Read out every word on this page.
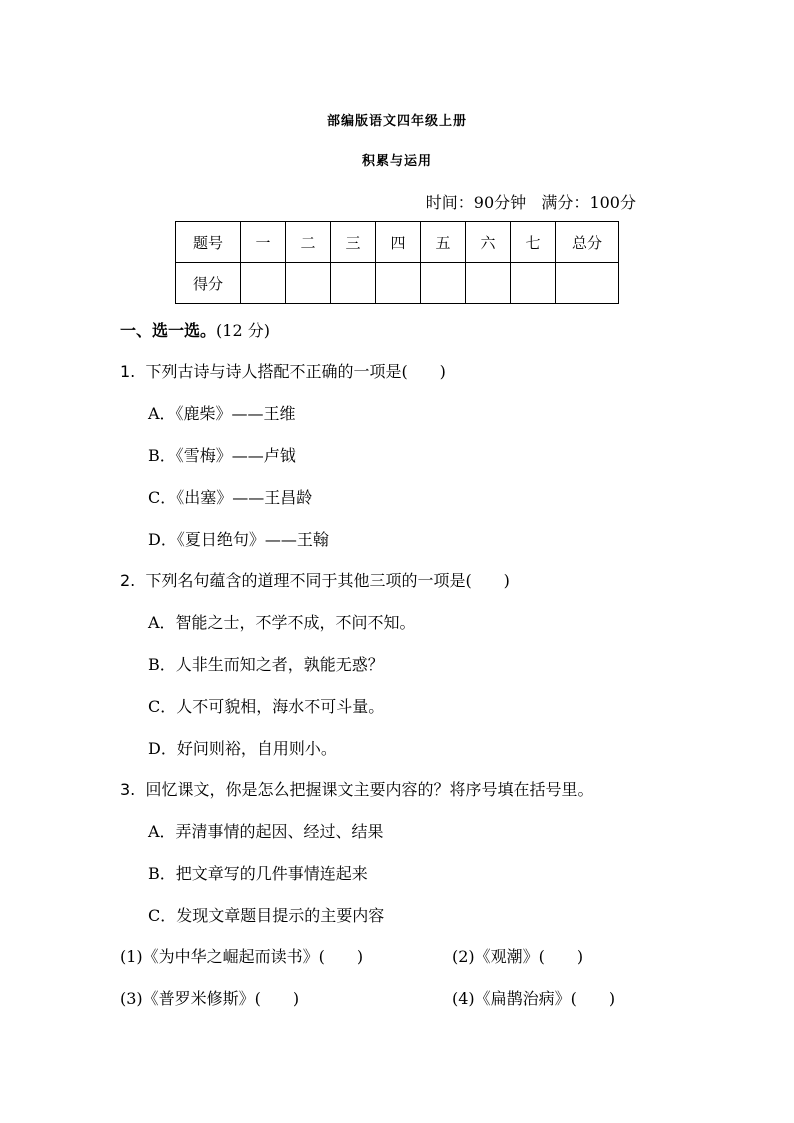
部编版语文四年级上册
积累与运用
时间：90分钟 满分：100分
题号	一	二	三	四	五	六	七	总分
得分								
一、选一选。(12 分)
1. 下列古诗与诗人搭配不正确的一项是(　　)
A．《鹿柴》——王维
B．《雪梅》——卢钺
C．《出塞》——王昌龄
D．《夏日绝句》——王翰
2. 下列名句蕴含的道理不同于其他三项的一项是(　　)
A．智能之士，不学不成，不问不知。
B．人非生而知之者，孰能无惑？
C．人不可貌相，海水不可斗量。
D．好问则裕，自用则小。
3. 回忆课文，你是怎么把握课文主要内容的？将序号填在括号里。
A．弄清事情的起因、经过、结果
B．把文章写的几件事情连起来
C．发现文章题目提示的主要内容
(1)《为中华之崛起而读书》(　　)	(2)《观潮》(　　)
(3)《普罗米修斯》(　　)	(4)《扁鹊治病》(　　)
